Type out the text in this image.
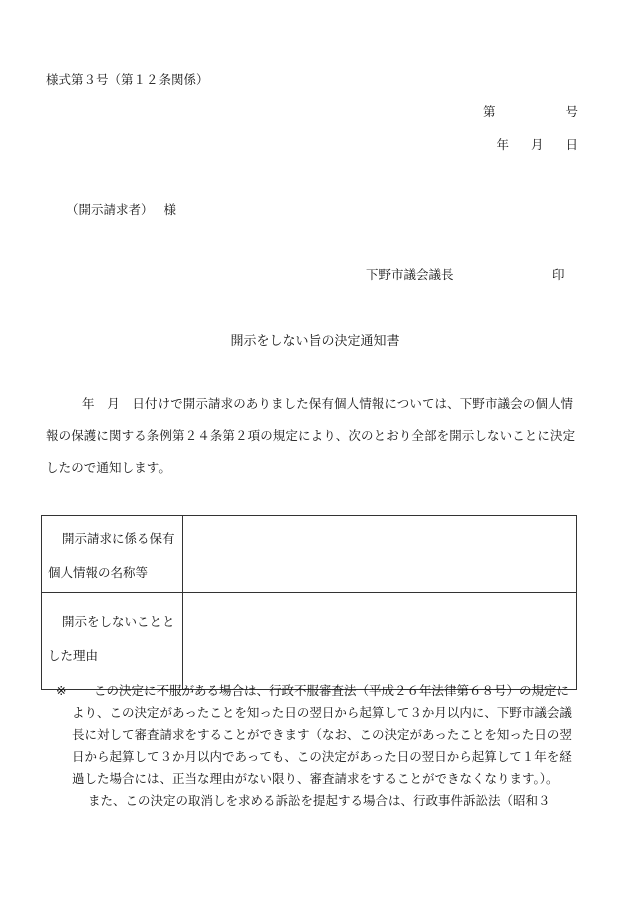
様式第３号（第１２条関係）
第	号
年 月 日
（開示請求者） 様
下野市議会議長	印
開示をしない旨の決定通知書
年　月　日付けで開示請求のありました保有個人情報については、下野市議会の個人情報の保護に関する条例第２４条第２項の規定により、次のとおり全部を開示しないことに決定したので通知します。
開示請求に係る保有個人情報の名称等	
開示をしないこととした理由	
※ この決定に不服がある場合は、行政不服審査法（平成２６年法律第６８号）の規定により、この決定があったことを知った日の翌日から起算して３か月以内に、下野市議会議長に対して審査請求をすることができます（なお、この決定があったことを知った日の翌日から起算して３か月以内であっても、この決定があった日の翌日から起算して１年を経過した場合には、正当な理由がない限り、審査請求をすることができなくなります。）。
また、この決定の取消しを求める訴訟を提起する場合は、行政事件訴訟法（昭和３
